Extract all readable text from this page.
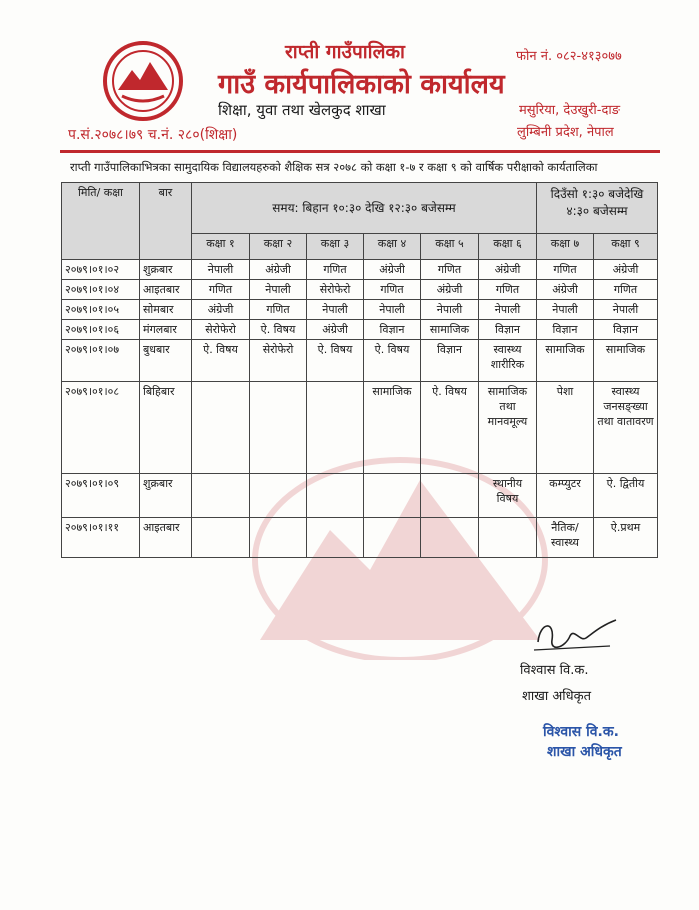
राप्ती गाउँपालिका
गाउँ कार्यपालिकाको कार्यालय
शिक्षा, युवा तथा खेलकुद शाखा
फोन नं. ०८२-४१३०७७
मसुरिया, देउखुरी-दाङ
लुम्बिनी प्रदेश, नेपाल
प.सं.२०७८।७९ च.नं. २८०(शिक्षा)
राप्ती गाउँपालिकाभित्रका सामुदायिक विद्यालयहरुको शैक्षिक सत्र २०७८ को कक्षा १-७ र कक्षा ९ को वार्षिक परीक्षाको कार्यतालिका
मिति/ कक्षा	बार	समय: बिहान १०:३० देखि १२:३० बजेसम्म						दिउँसो १:३० बजेदेखि ४:३० बजेसम्म	
		कक्षा १	कक्षा २	कक्षा ३	कक्षा ४	कक्षा ५	कक्षा ६	कक्षा ७	कक्षा ९
२०७९।०१।०२	शुक्रबार	नेपाली	अंग्रेजी	गणित	अंग्रेजी	गणित	अंग्रेजी	गणित	अंग्रेजी
२०७९।०१।०४	आइतबार	गणित	नेपाली	सेरोफेरो	गणित	अंग्रेजी	गणित	अंग्रेजी	गणित
२०७९।०१।०५	सोमबार	अंग्रेजी	गणित	नेपाली	नेपाली	नेपाली	नेपाली	नेपाली	नेपाली
२०७९।०१।०६	मंगलबार	सेरोफेरो	ऐ. विषय	अंग्रेजी	विज्ञान	सामाजिक	विज्ञान	विज्ञान	विज्ञान
२०७९।०१।०७	बुधबार	ऐ. विषय	सेरोफेरो	ऐ. विषय	ऐ. विषय	विज्ञान	स्वास्थ्य शारीरिक	सामाजिक	सामाजिक
२०७९।०१।०८	बिहिबार				सामाजिक	ऐ. विषय	सामाजिक तथा मानवमूल्य	पेशा	स्वास्थ्य जनसङ्ख्या तथा वातावरण
२०७९।०१।०९	शुक्रबार						स्थानीय विषय	कम्प्युटर	ऐ. द्वितीय
२०७९।०१।११	आइतबार							नैतिक/ स्वास्थ्य	ऐ.प्रथम
विश्वास वि.क.
शाखा अधिकृत
विश्वास वि.क.
शाखा अधिकृत
